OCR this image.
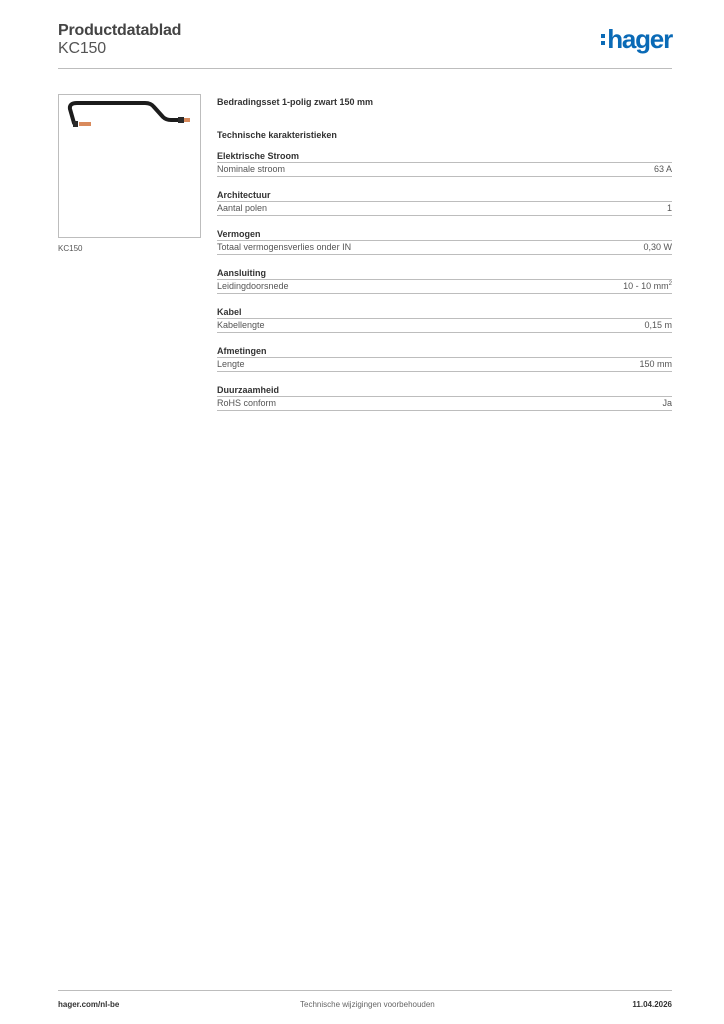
Productdatablad
KC150	hager
KC150
Bedradingsset 1-polig zwart 150 mm
Technische karakteristieken
Elektrische Stroom
Nominale stroom	63 A
Architectuur
Aantal polen	1
Vermogen
Totaal vermogensverlies onder IN	0,30 W
Aansluiting
Leidingdoorsnede	10 - 10 $mm^2$
Kabel
Kabellengte	0,15 m
Afmetingen
Lengte	150 mm
Duurzaamheid
RoHS conform	Ja
hager.com/nl-be	Technische wijzigingen voorbehouden	11.04.2026
